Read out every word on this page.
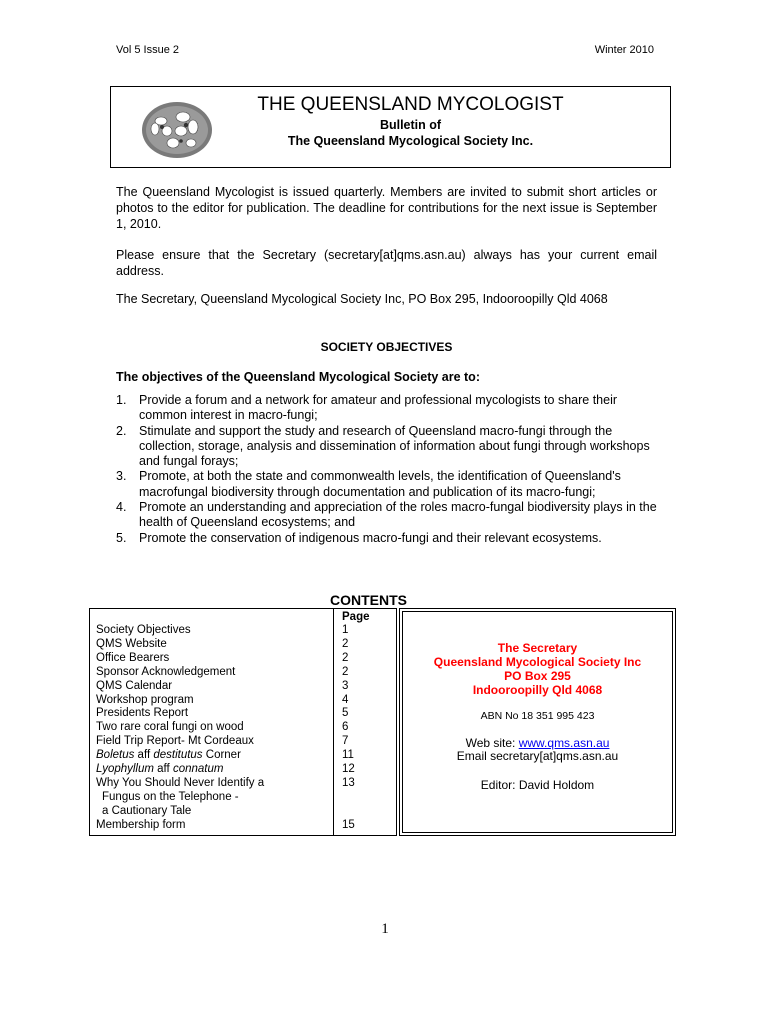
Vol 5 Issue 2	Winter 2010
THE QUEENSLAND MYCOLOGIST
Bulletin of
The Queensland Mycological Society Inc.
The Queensland Mycologist is issued quarterly. Members are invited to submit short articles or photos to the editor for publication. The deadline for contributions for the next issue is September 1, 2010.
Please ensure that the Secretary (secretary[at]qms.asn.au) always has your current email address.
The Secretary, Queensland Mycological Society Inc, PO Box 295, Indooroopilly Qld 4068
SOCIETY OBJECTIVES
The objectives of the Queensland Mycological Society are to:
1. Provide a forum and a network for amateur and professional mycologists to share their common interest in macro-fungi;
2. Stimulate and support the study and research of Queensland macro-fungi through the collection, storage, analysis and dissemination of information about fungi through workshops and fungal forays;
3. Promote, at both the state and commonwealth levels, the identification of Queensland's macrofungal biodiversity through documentation and publication of its macro-fungi;
4. Promote an understanding and appreciation of the roles macro-fungal biodiversity plays in the health of Queensland ecosystems; and
5. Promote the conservation of indigenous macro-fungi and their relevant ecosystems.
CONTENTS
Page
Society Objectives	1
QMS Website	2
Office Bearers	2
Sponsor Acknowledgement	2
QMS Calendar	3
Workshop program	4
Presidents Report	5
Two rare coral fungi on wood	6
Field Trip Report- Mt Cordeaux	7
Boletus aff destitutus Corner	11
Lyophyllum aff connatum	12
Why You Should Never Identify a	13
Fungus on the Telephone -
a Cautionary Tale
Membership form	15
The Secretary
Queensland Mycological Society Inc
PO Box 295
Indooroopilly Qld 4068
ABN No 18 351 995 423
Web site: www.qms.asn.au
Email secretary[at]qms.asn.au
Editor: David Holdom
1
